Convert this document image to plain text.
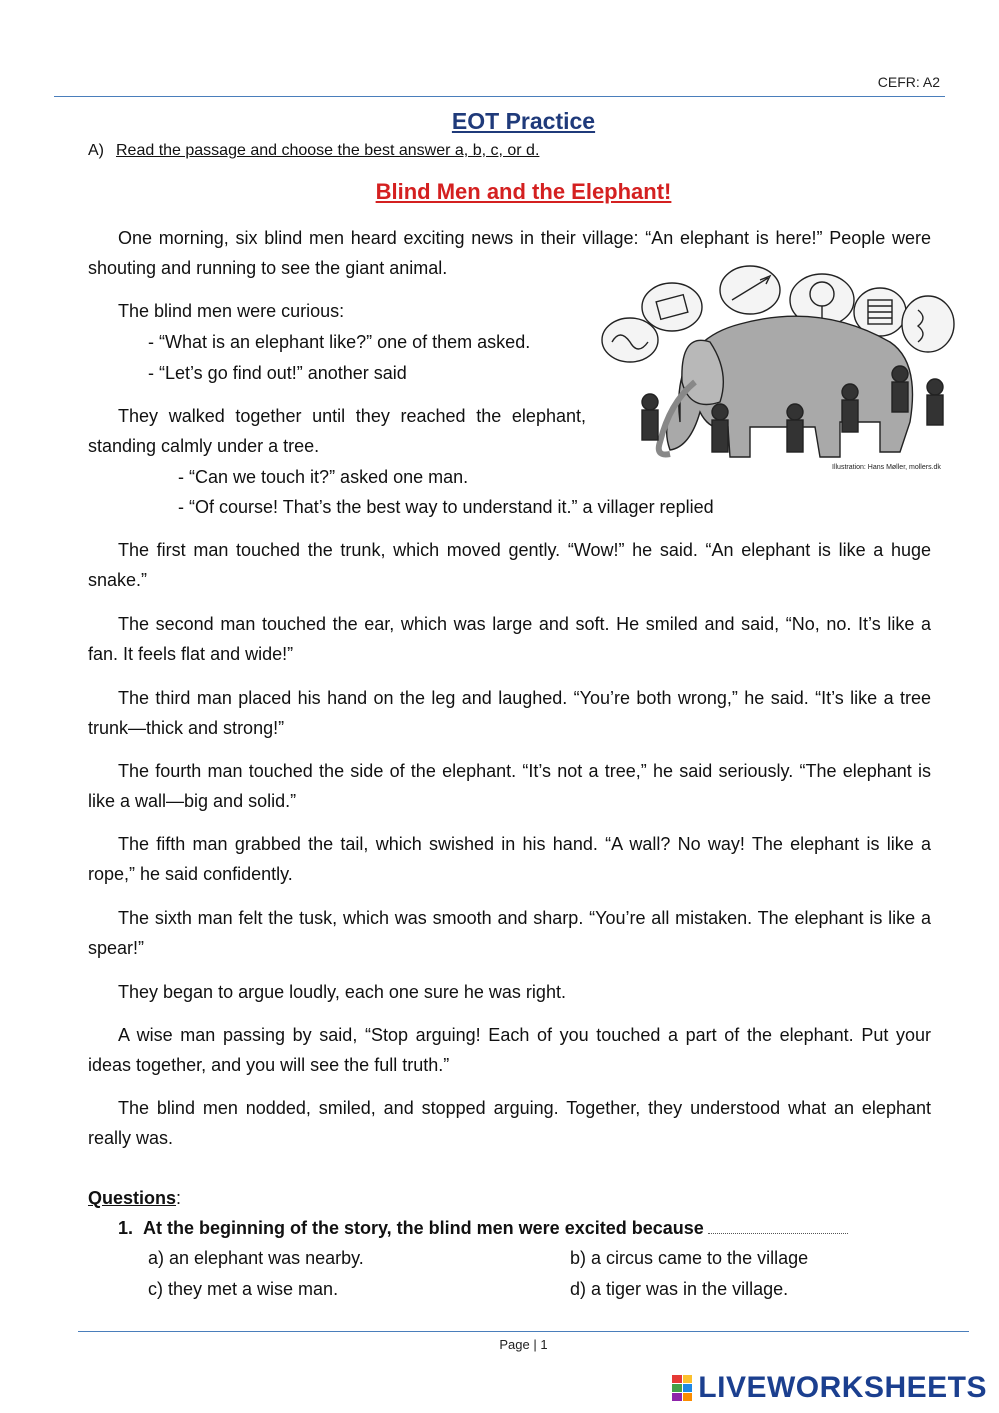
CEFR: A2
EOT Practice
A) Read the passage and choose the best answer a, b, c, or d.
Blind Men and the Elephant!

One morning, six blind men heard exciting news in their village: “An elephant is here!” People were shouting and running to see the giant animal.

The blind men were curious:
- “What is an elephant like?” one of them asked.
- “Let’s go find out!” another said

They walked together until they reached the elephant, standing calmly under a tree.

- “Can we touch it?” asked one man.
- “Of course! That’s the best way to understand it.” a villager replied
Illustration: Hans Møller, mollers.dk

The first man touched the trunk, which moved gently. “Wow!” he said. “An elephant is like a huge snake.”

The second man touched the ear, which was large and soft. He smiled and said, “No, no. It’s like a fan. It feels flat and wide!”

The third man placed his hand on the leg and laughed. “You’re both wrong,” he said. “It’s like a tree trunk—thick and strong!”

The fourth man touched the side of the elephant. “It’s not a tree,” he said seriously. “The elephant is like a wall—big and solid.”

The fifth man grabbed the tail, which swished in his hand. “A wall? No way! The elephant is like a rope,” he said confidently.

The sixth man felt the tusk, which was smooth and sharp. “You’re all mistaken. The elephant is like a spear!”

They began to argue loudly, each one sure he was right.

A wise man passing by said, “Stop arguing! Each of you touched a part of the elephant. Put your ideas together, and you will see the full truth.”

The blind men nodded, smiled, and stopped arguing. Together, they understood what an elephant really was.

Questions:
1. At the beginning of the story, the blind men were excited because
a) an elephant was nearby.	b) a circus came to the village
c) they met a wise man.	d) a tiger was in the village.
Page | 1
LIVEWORKSHEETS
